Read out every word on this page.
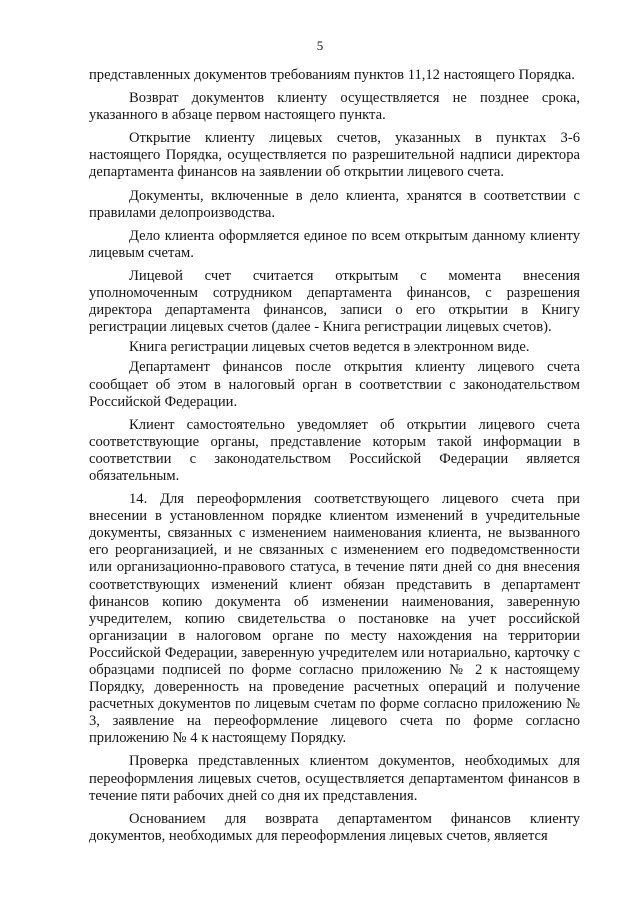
5

представленных документов требованиям пунктов 11,12 настоящего Порядка.

Возврат документов клиенту осуществляется не позднее срока, указанного в абзаце первом настоящего пункта.

Открытие клиенту лицевых счетов, указанных в пунктах 3-6 настоящего Порядка, осуществляется по разрешительной надписи директора департамента финансов на заявлении об открытии лицевого счета.

Документы, включенные в дело клиента, хранятся в соответствии с правилами делопроизводства.

Дело клиента оформляется единое по всем открытым данному клиенту лицевым счетам.

Лицевой счет считается открытым с момента внесения уполномоченным сотрудником департамента финансов, с разрешения директора департамента финансов, записи о его открытии в Книгу регистрации лицевых счетов (далее - Книга регистрации лицевых счетов).

Книга регистрации лицевых счетов ведется в электронном виде.

Департамент финансов после открытия клиенту лицевого счета сообщает об этом в налоговый орган в соответствии с законодательством Российской Федерации.

Клиент самостоятельно уведомляет об открытии лицевого счета соответствующие органы, представление которым такой информации в соответствии с законодательством Российской Федерации является обязательным.

14. Для переоформления соответствующего лицевого счета при внесении в установленном порядке клиентом изменений в учредительные документы, связанных с изменением наименования клиента, не вызванного его реорганизацией, и не связанных с изменением его подведомственности или организационно-правового статуса, в течение пяти дней со дня внесения соответствующих изменений клиент обязан представить в департамент финансов копию документа об изменении наименования, заверенную учредителем, копию свидетельства о постановке на учет российской организации в налоговом органе по месту нахождения на территории Российской Федерации, заверенную учредителем или нотариально, карточку с образцами подписей по форме согласно приложению № 2 к настоящему Порядку, доверенность на проведение расчетных операций и получение расчетных документов по лицевым счетам по форме согласно приложению № 3, заявление на переоформление лицевого счета по форме согласно приложению № 4 к настоящему Порядку.

Проверка представленных клиентом документов, необходимых для переоформления лицевых счетов, осуществляется департаментом финансов в течение пяти рабочих дней со дня их представления.

Основанием для возврата департаментом финансов клиенту документов, необходимых для переоформления лицевых счетов, является
